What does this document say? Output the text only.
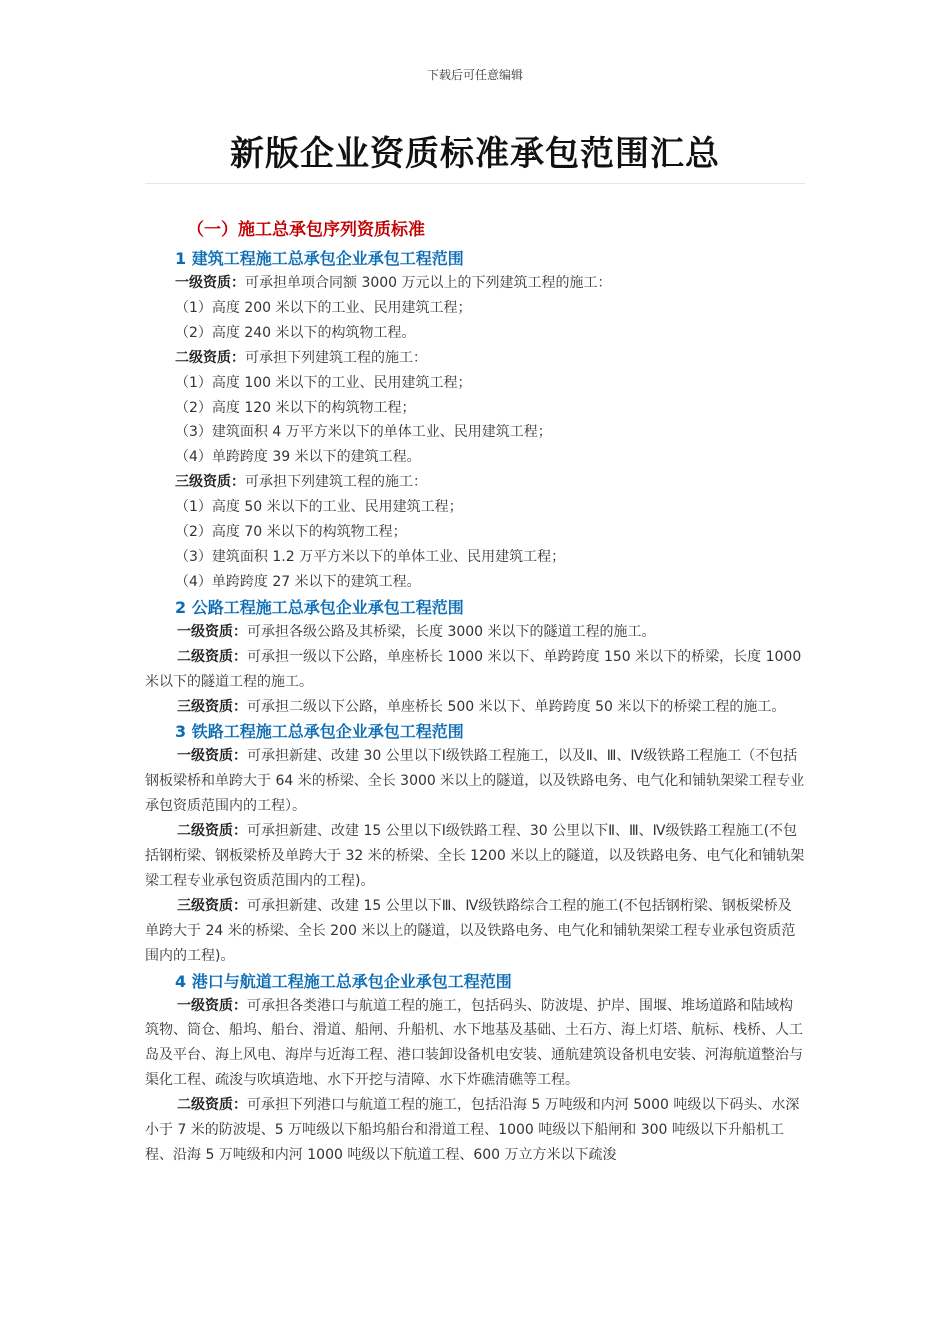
下载后可任意编辑
新版企业资质标准承包范围汇总
（一）施工总承包序列资质标准
1 建筑工程施工总承包企业承包工程范围

一级资质：可承担单项合同额 3000 万元以上的下列建筑工程的施工：

（1）高度 200 米以下的工业、民用建筑工程；

（2）高度 240 米以下的构筑物工程。

二级资质：可承担下列建筑工程的施工：

（1）高度 100 米以下的工业、民用建筑工程；

（2）高度 120 米以下的构筑物工程；

（3）建筑面积 4 万平方米以下的单体工业、民用建筑工程；

（4）单跨跨度 39 米以下的建筑工程。

三级资质：可承担下列建筑工程的施工：

（1）高度 50 米以下的工业、民用建筑工程；

（2）高度 70 米以下的构筑物工程；

（3）建筑面积 1.2 万平方米以下的单体工业、民用建筑工程；

（4）单跨跨度 27 米以下的建筑工程。

2 公路工程施工总承包企业承包工程范围

一级资质：可承担各级公路及其桥梁，长度 3000 米以下的隧道工程的施工。

二级资质：可承担一级以下公路，单座桥长 1000 米以下、单跨跨度 150 米以下的桥梁，长度 1000 米以下的隧道工程的施工。

三级资质：可承担二级以下公路，单座桥长 500 米以下、单跨跨度 50 米以下的桥梁工程的施工。

3 铁路工程施工总承包企业承包工程范围

一级资质：可承担新建、改建 30 公里以下Ⅰ级铁路工程施工，以及Ⅱ、Ⅲ、Ⅳ级铁路工程施工（不包括钢板梁桥和单跨大于 64 米的桥梁、全长 3000 米以上的隧道，以及铁路电务、电气化和铺轨架梁工程专业承包资质范围内的工程）。

二级资质：可承担新建、改建 15 公里以下Ⅰ级铁路工程、30 公里以下Ⅱ、Ⅲ、Ⅳ级铁路工程施工(不包括钢桁梁、钢板梁桥及单跨大于 32 米的桥梁、全长 1200 米以上的隧道，以及铁路电务、电气化和铺轨架梁工程专业承包资质范围内的工程)。

三级资质：可承担新建、改建 15 公里以下Ⅲ、Ⅳ级铁路综合工程的施工(不包括钢桁梁、钢板梁桥及单跨大于 24 米的桥梁、全长 200 米以上的隧道，以及铁路电务、电气化和铺轨架梁工程专业承包资质范围内的工程)。

4 港口与航道工程施工总承包企业承包工程范围

一级资质：可承担各类港口与航道工程的施工，包括码头、防波堤、护岸、围堰、堆场道路和陆域构筑物、筒仓、船坞、船台、滑道、船闸、升船机、水下地基及基础、土石方、海上灯塔、航标、栈桥、人工岛及平台、海上风电、海岸与近海工程、港口装卸设备机电安装、通航建筑设备机电安装、河海航道整治与渠化工程、疏浚与吹填造地、水下开挖与清障、水下炸礁清礁等工程。

二级资质：可承担下列港口与航道工程的施工，包括沿海 5 万吨级和内河 5000 吨级以下码头、水深小于 7 米的防波堤、5 万吨级以下船坞船台和滑道工程、1000 吨级以下船闸和 300 吨级以下升船机工程、沿海 5 万吨级和内河 1000 吨级以下航道工程、600 万立方米以下疏浚
